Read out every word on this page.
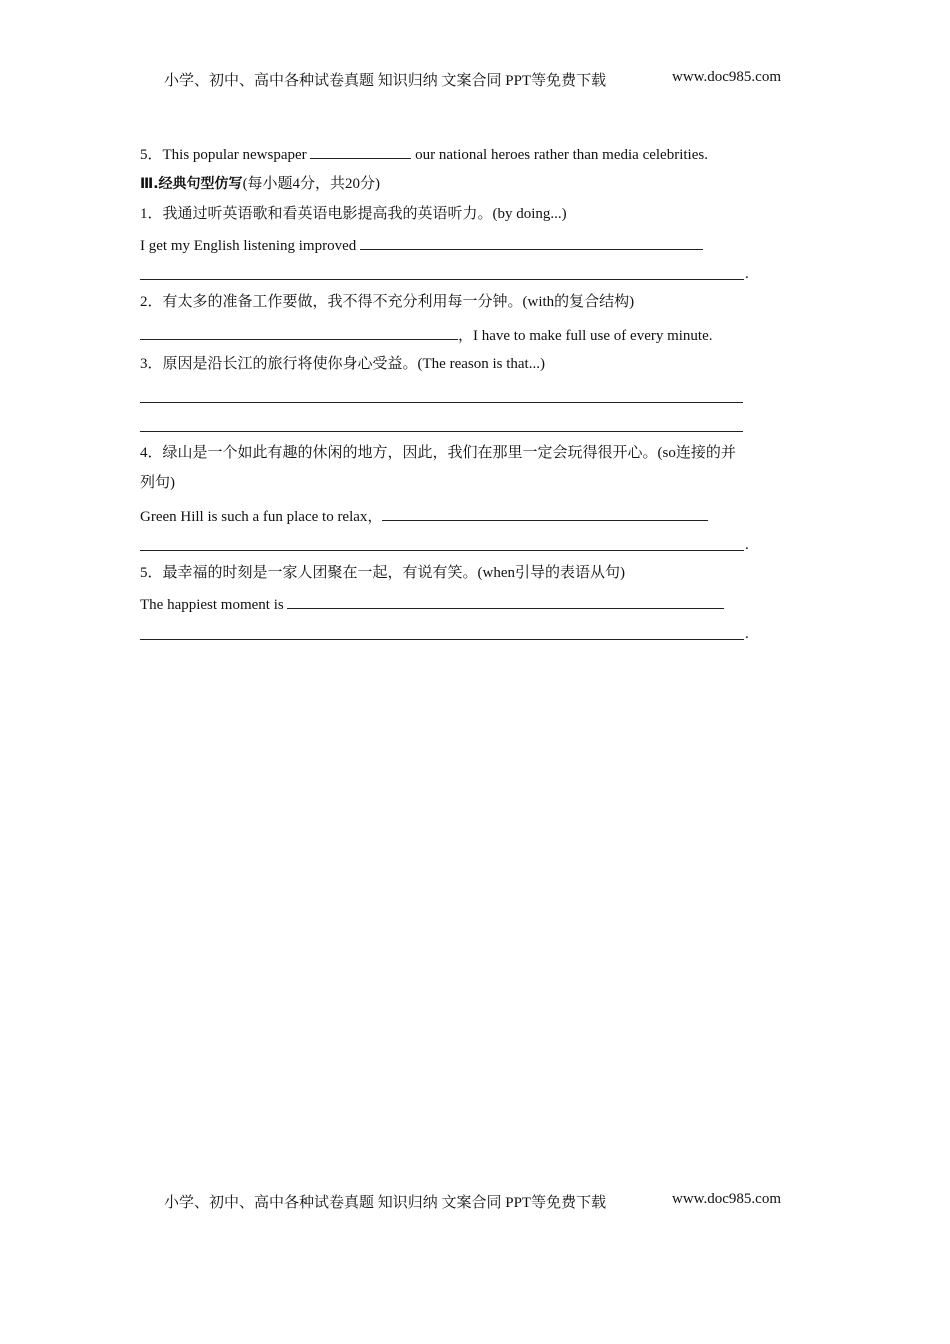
小学、初中、高中各种试卷真题 知识归纳 文案合同 PPT等免费下载	www.doc985.com
5．This popular newspaper	our national heroes rather than media celebrities.
Ⅲ.经典句型仿写(每小题4分，共20分)
1．我通过听英语歌和看英语电影提高我的英语听力。(by doing...)
I get my English listening improved
.
2．有太多的准备工作要做，我不得不充分利用每一分钟。(with的复合结构)
，I have to make full use of every minute.
3．原因是沿长江的旅行将使你身心受益。(The reason is that...)
4．绿山是一个如此有趣的休闲的地方，因此，我们在那里一定会玩得很开心。(so连接的并
列句)
Green Hill is such a fun place to relax，
.
5．最幸福的时刻是一家人团聚在一起，有说有笑。(when引导的表语从句)
The happiest moment is
.
小学、初中、高中各种试卷真题 知识归纳 文案合同 PPT等免费下载	www.doc985.com
